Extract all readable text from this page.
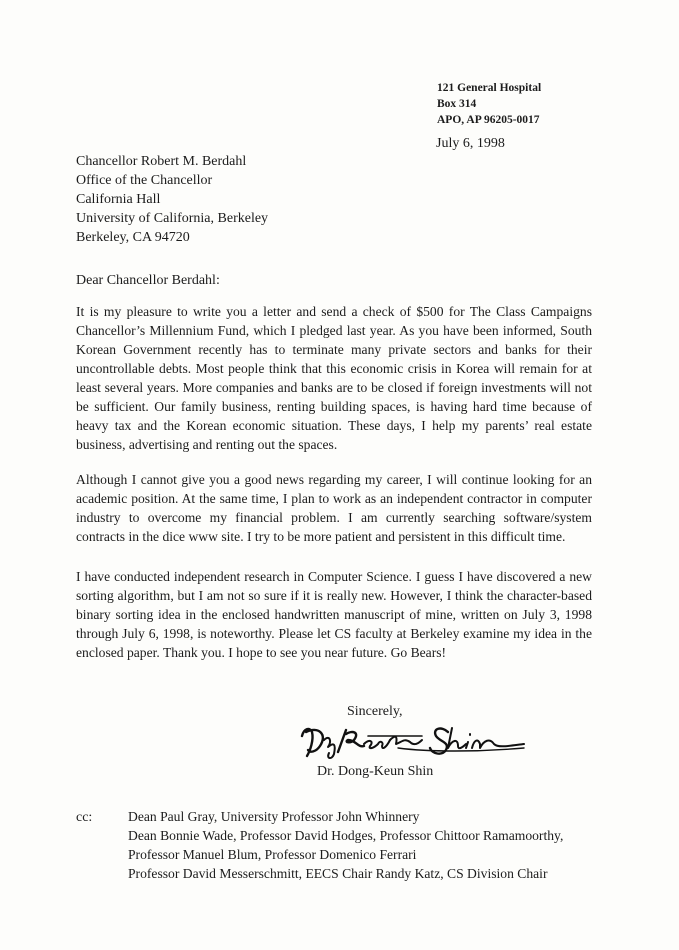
121 General Hospital
Box 314
APO, AP 96205-0017
July 6, 1998
Chancellor Robert M. Berdahl
Office of the Chancellor
California Hall
University of California, Berkeley
Berkeley, CA 94720
Dear Chancellor Berdahl:
It is my pleasure to write you a letter and send a check of $500 for The Class Campaigns Chancellor’s Millennium Fund, which I pledged last year. As you have been informed, South Korean Government recently has to terminate many private sectors and banks for their uncontrollable debts. Most people think that this economic crisis in Korea will remain for at least several years. More companies and banks are to be closed if foreign investments will not be sufficient. Our family business, renting building spaces, is having hard time because of heavy tax and the Korean economic situation. These days, I help my parents’ real estate business, advertising and renting out the spaces.
Although I cannot give you a good news regarding my career, I will continue looking for an academic position. At the same time, I plan to work as an independent contractor in computer industry to overcome my financial problem. I am currently searching software/system contracts in the dice www site. I try to be more patient and persistent in this difficult time.
I have conducted independent research in Computer Science. I guess I have discovered a new sorting algorithm, but I am not so sure if it is really new. However, I think the character-based binary sorting idea in the enclosed handwritten manuscript of mine, written on July 3, 1998 through July 6, 1998, is noteworthy. Please let CS faculty at Berkeley examine my idea in the enclosed paper. Thank you. I hope to see you near future. Go Bears!
Sincerely,
Dr. Dong-Keun Shin
cc:	Dean Paul Gray, University Professor John Whinnery
Dean Bonnie Wade, Professor David Hodges, Professor Chittoor Ramamoorthy,
Professor Manuel Blum, Professor Domenico Ferrari
Professor David Messerschmitt, EECS Chair Randy Katz, CS Division Chair
